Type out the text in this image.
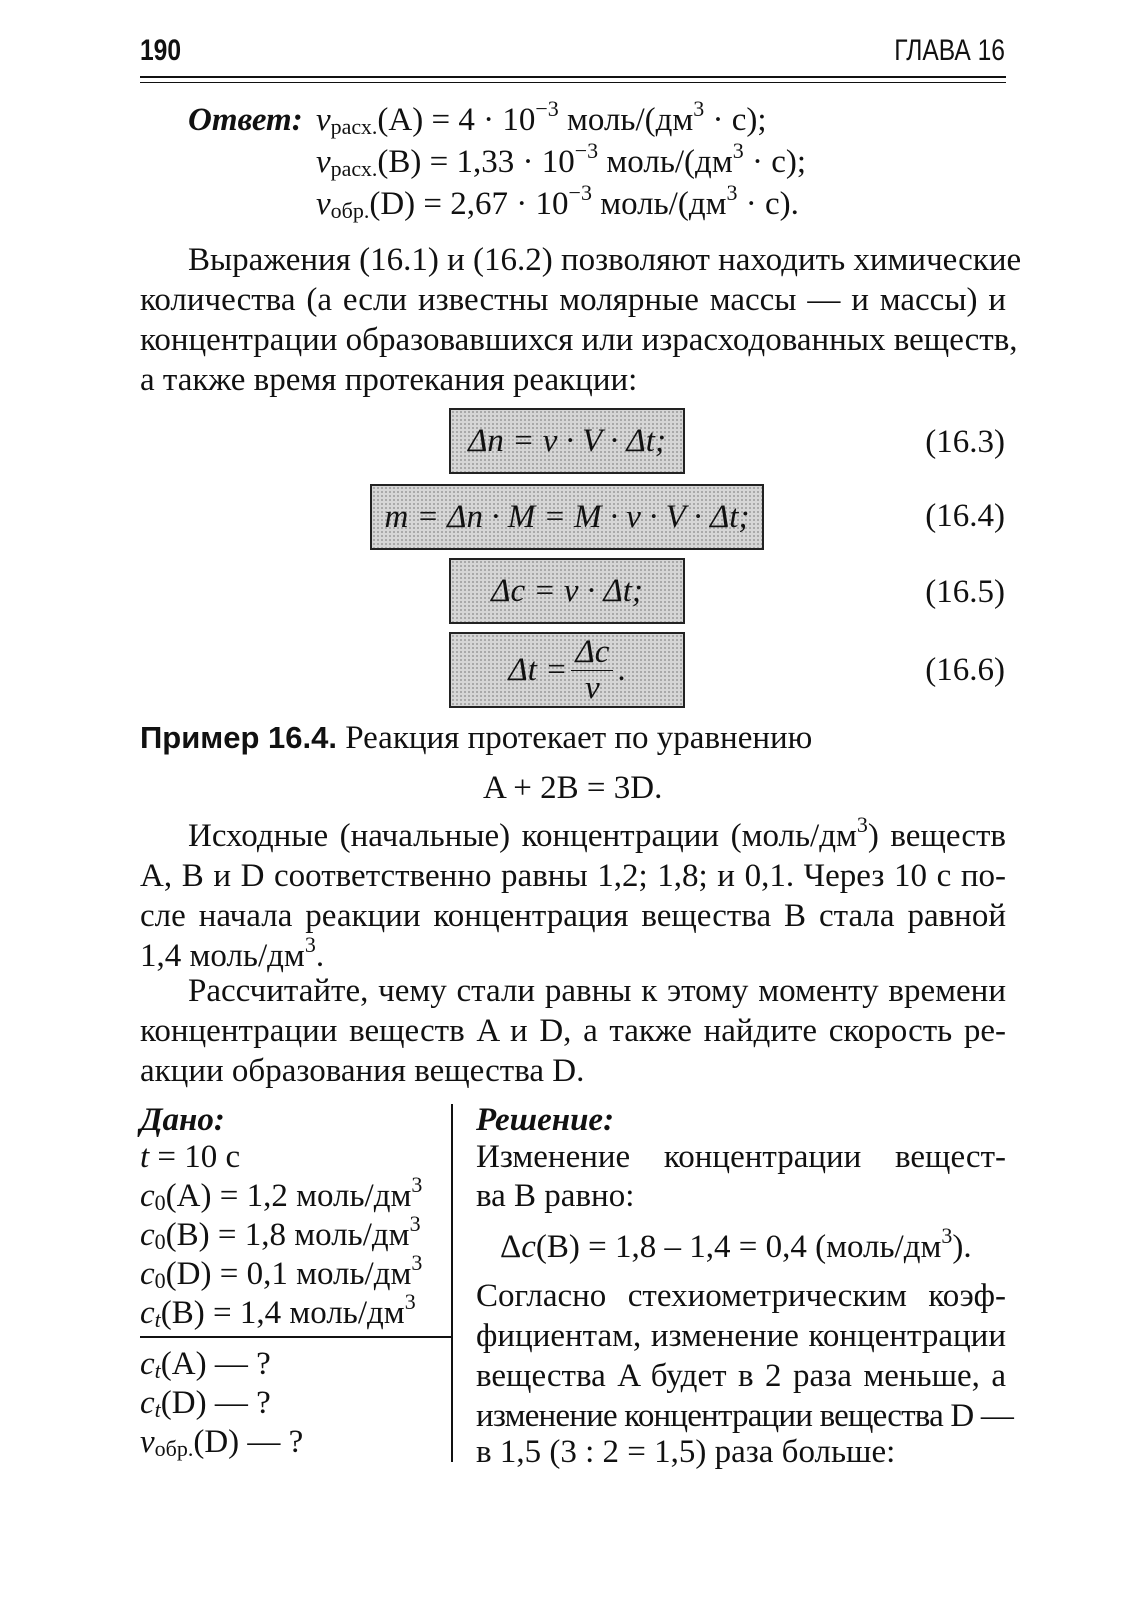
190	ГЛАВА 16
Ответ: $v_{расх.}(A) = 4 \cdot 10^{-3}$ моль/$(дм^3 \cdot с)$;
$v_{расх.}(B) = 1,33 \cdot 10^{-3}$ моль/$(дм^3 \cdot с)$;
$v_{обр.}(D) = 2,67 \cdot 10^{-3}$ моль/$(дм^3 \cdot с)$.
Выражения (16.1) и (16.2) позволяют находить химические
количества (а если известны молярные массы — и массы) и
концентрации образовавшихся или израсходованных веществ,
а также время протекания реакции:
Δn = v · V · Δt;	(16.3)
m = Δn · M = M · v · V · Δt;	(16.4)
Δc = v · Δt;	(16.5)
$\Delta t = \frac{\Delta c}{v}$ .	(16.6)
Пример 16.4. Реакция протекает по уравнению
A + 2B = 3D.
Исходные (начальные) концентрации $(моль/дм^3)$ веществ
A, B и D соответственно равны 1,2; 1,8; и 0,1. Через 10 с по-
сле начала реакции концентрация вещества B стала равной
1,4 моль/$дм^3$.
Рассчитайте, чему стали равны к этому моменту времени
концентрации веществ A и D, а также найдите скорость ре-
акции образования вещества D.
Дано:
t = 10 с
$c_0(A) = 1,2$ моль/$дм^3$
$c_0(B) = 1,8$ моль/$дм^3$
$c_0(D) = 0,1$ моль/$дм^3$
$c_t(B) = 1,4$ моль/$дм^3$
$c_t(A)$ — ?
$c_t(D)$ — ?
$v_{обр.}(D)$ — ?
Решение:
Изменение концентрации вещест-
ва B равно:
Δc(B) = 1,8 – 1,4 = 0,4 $(моль/дм^3)$.
Согласно стехиометрическим коэф-
фициентам, изменение концентрации
вещества A будет в 2 раза меньше, а
изменение концентрации вещества D —
в 1,5 (3 : 2 = 1,5) раза больше:
